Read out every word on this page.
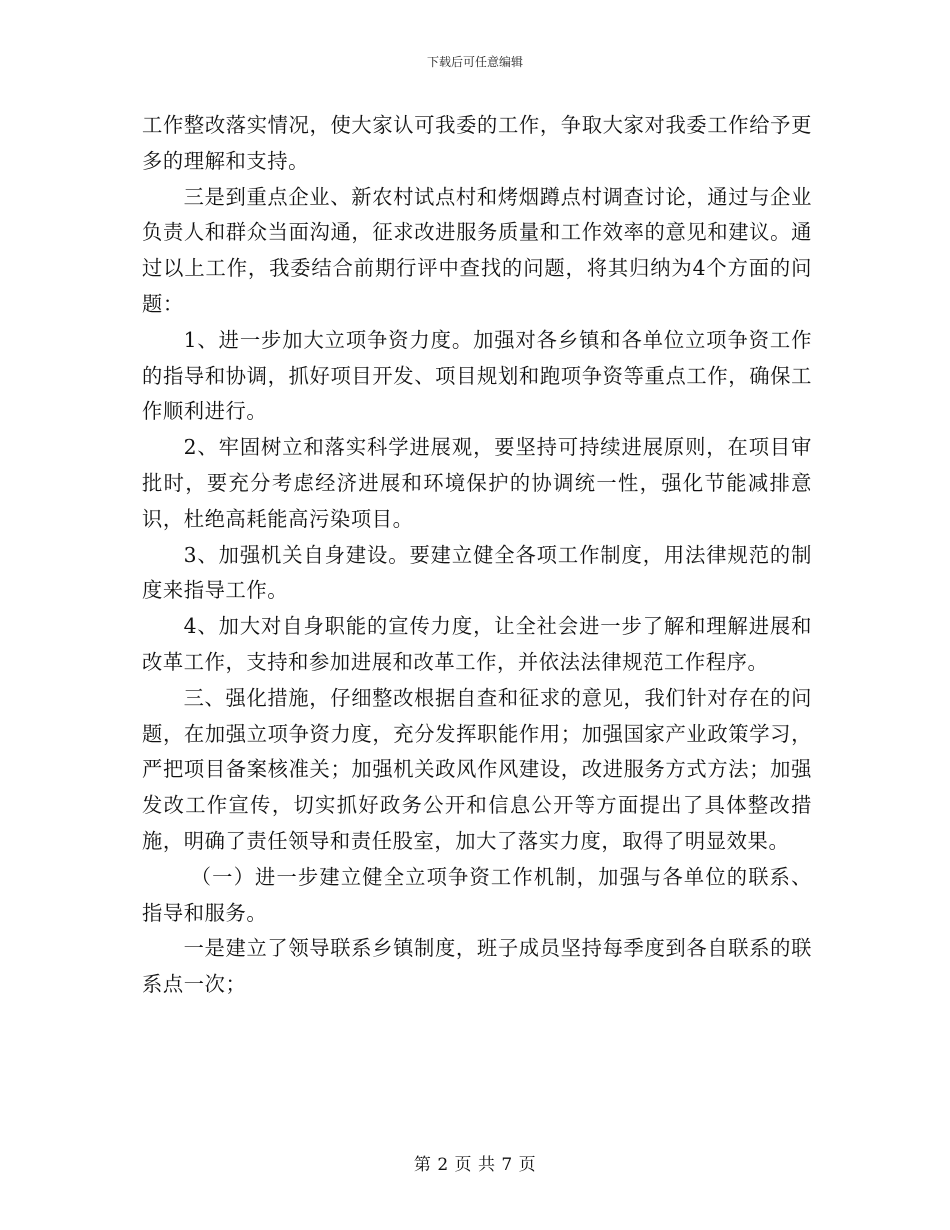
下载后可任意编辑

工作整改落实情况，使大家认可我委的工作，争取大家对我委工作给予更多的理解和支持。

三是到重点企业、新农村试点村和烤烟蹲点村调查讨论，通过与企业负责人和群众当面沟通，征求改进服务质量和工作效率的意见和建议。通过以上工作，我委结合前期行评中查找的问题，将其归纳为4个方面的问题：

1、进一步加大立项争资力度。加强对各乡镇和各单位立项争资工作的指导和协调，抓好项目开发、项目规划和跑项争资等重点工作，确保工作顺利进行。

2、牢固树立和落实科学进展观，要坚持可持续进展原则，在项目审批时，要充分考虑经济进展和环境保护的协调统一性，强化节能减排意识，杜绝高耗能高污染项目。

3、加强机关自身建设。要建立健全各项工作制度，用法律规范的制度来指导工作。

4、加大对自身职能的宣传力度，让全社会进一步了解和理解进展和改革工作，支持和参加进展和改革工作，并依法法律规范工作程序。

三、强化措施，仔细整改根据自查和征求的意见，我们针对存在的问题，在加强立项争资力度，充分发挥职能作用；加强国家产业政策学习，严把项目备案核准关；加强机关政风作风建设，改进服务方式方法；加强发改工作宣传，切实抓好政务公开和信息公开等方面提出了具体整改措施，明确了责任领导和责任股室，加大了落实力度，取得了明显效果。

（一）进一步建立健全立项争资工作机制，加强与各单位的联系、指导和服务。

一是建立了领导联系乡镇制度，班子成员坚持每季度到各自联系的联系点一次；

第 2 页 共 7 页
